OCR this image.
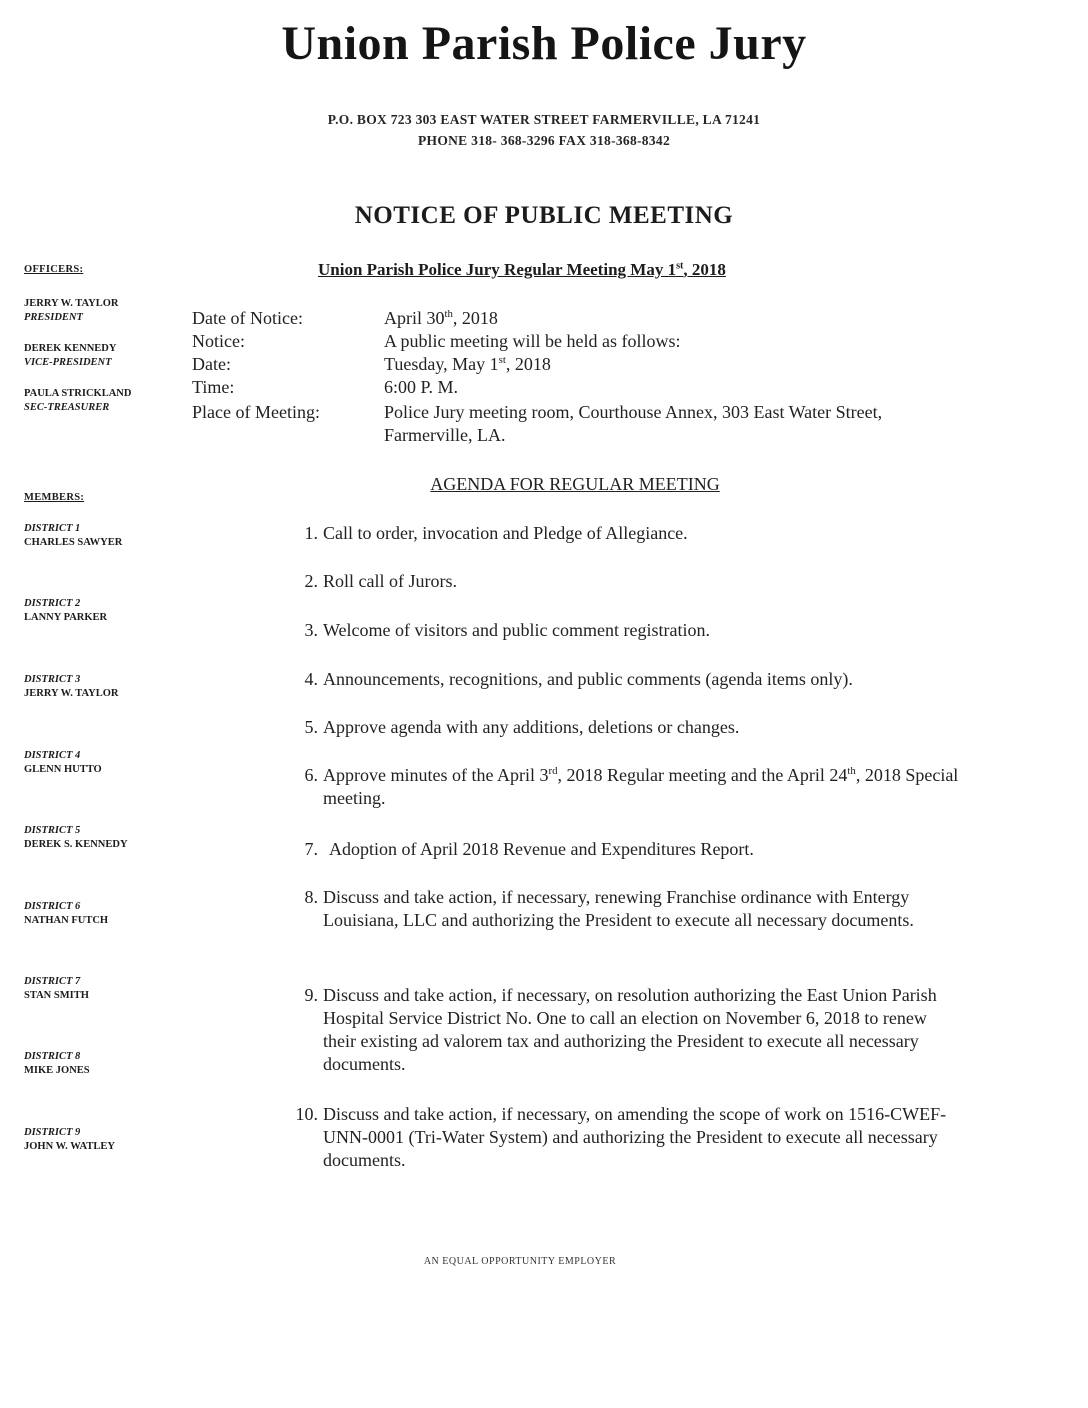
Union Parish Police Jury
P.O. BOX 723 303 EAST WATER STREET FARMERVILLE, LA 71241
PHONE 318- 368-3296 FAX 318-368-8342
NOTICE OF PUBLIC MEETING
Union Parish Police Jury Regular Meeting May 1st, 2018
OFFICERS:
JERRY W. TAYLOR
PRESIDENT
DEREK KENNEDY
VICE-PRESIDENT
PAULA STRICKLAND
SEC-TREASURER
MEMBERS:
DISTRICT 1
CHARLES SAWYER
DISTRICT 2
LANNY PARKER
DISTRICT 3
JERRY W. TAYLOR
DISTRICT 4
GLENN HUTTO
DISTRICT 5
DEREK S. KENNEDY
DISTRICT 6
NATHAN FUTCH
DISTRICT 7
STAN SMITH
DISTRICT 8
MIKE JONES
DISTRICT 9
JOHN W. WATLEY
Date of Notice:	April 30th, 2018
Notice:	A public meeting will be held as follows:
Date:	Tuesday, May 1st, 2018
Time:	6:00 P. M.
Place of Meeting:	Police Jury meeting room, Courthouse Annex, 303 East Water Street, Farmerville, LA.
AGENDA FOR REGULAR MEETING
1. Call to order, invocation and Pledge of Allegiance.
2. Roll call of Jurors.
3. Welcome of visitors and public comment registration.
4. Announcements, recognitions, and public comments (agenda items only).
5. Approve agenda with any additions, deletions or changes.
6. Approve minutes of the April 3rd, 2018 Regular meeting and the April 24th, 2018 Special meeting.
7. Adoption of April 2018 Revenue and Expenditures Report.
8. Discuss and take action, if necessary, renewing Franchise ordinance with Entergy Louisiana, LLC and authorizing the President to execute all necessary documents.
9. Discuss and take action, if necessary, on resolution authorizing the East Union Parish Hospital Service District No. One to call an election on November 6, 2018 to renew their existing ad valorem tax and authorizing the President to execute all necessary documents.
10. Discuss and take action, if necessary, on amending the scope of work on 1516-CWEF-UNN-0001 (Tri-Water System) and authorizing the President to execute all necessary documents.
AN EQUAL OPPORTUNITY EMPLOYER
